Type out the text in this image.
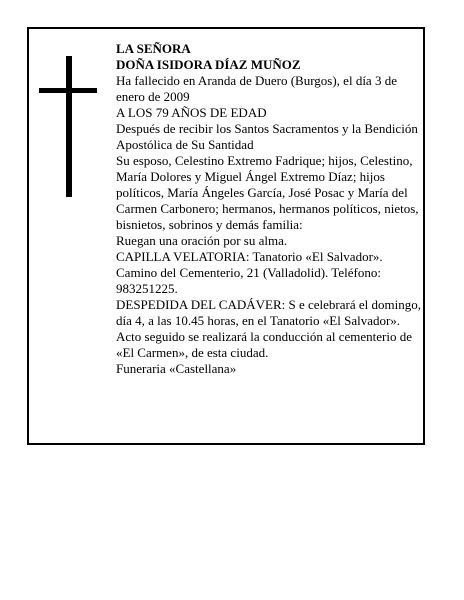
LA SEÑORA

DOÑA ISIDORA DÍAZ MUÑOZ

Ha fallecido en Aranda de Duero (Burgos), el día 3 de enero de 2009

A LOS 79 AÑOS DE EDAD

Después de recibir los Santos Sacramentos y la Bendición Apostólica de Su Santidad

Su esposo, Celestino Extremo Fadrique; hijos, Celestino, María Dolores y Miguel Ángel Extremo Díaz; hijos políticos, María Ángeles García, José Posac y María del Carmen Carbonero; hermanos, hermanos políticos, nietos, bisnietos, sobrinos y demás familia:

Ruegan una oración por su alma.

CAPILLA VELATORIA: Tanatorio «El Salvador». Camino del Cementerio, 21 (Valladolid). Teléfono: 983251225.

DESPEDIDA DEL CADÁVER: S e celebrará el domingo, día 4, a las 10.45 horas, en el Tanatorio «El Salvador». Acto seguido se realizará la conducción al cementerio de «El Carmen», de esta ciudad.

Funeraria «Castellana»
